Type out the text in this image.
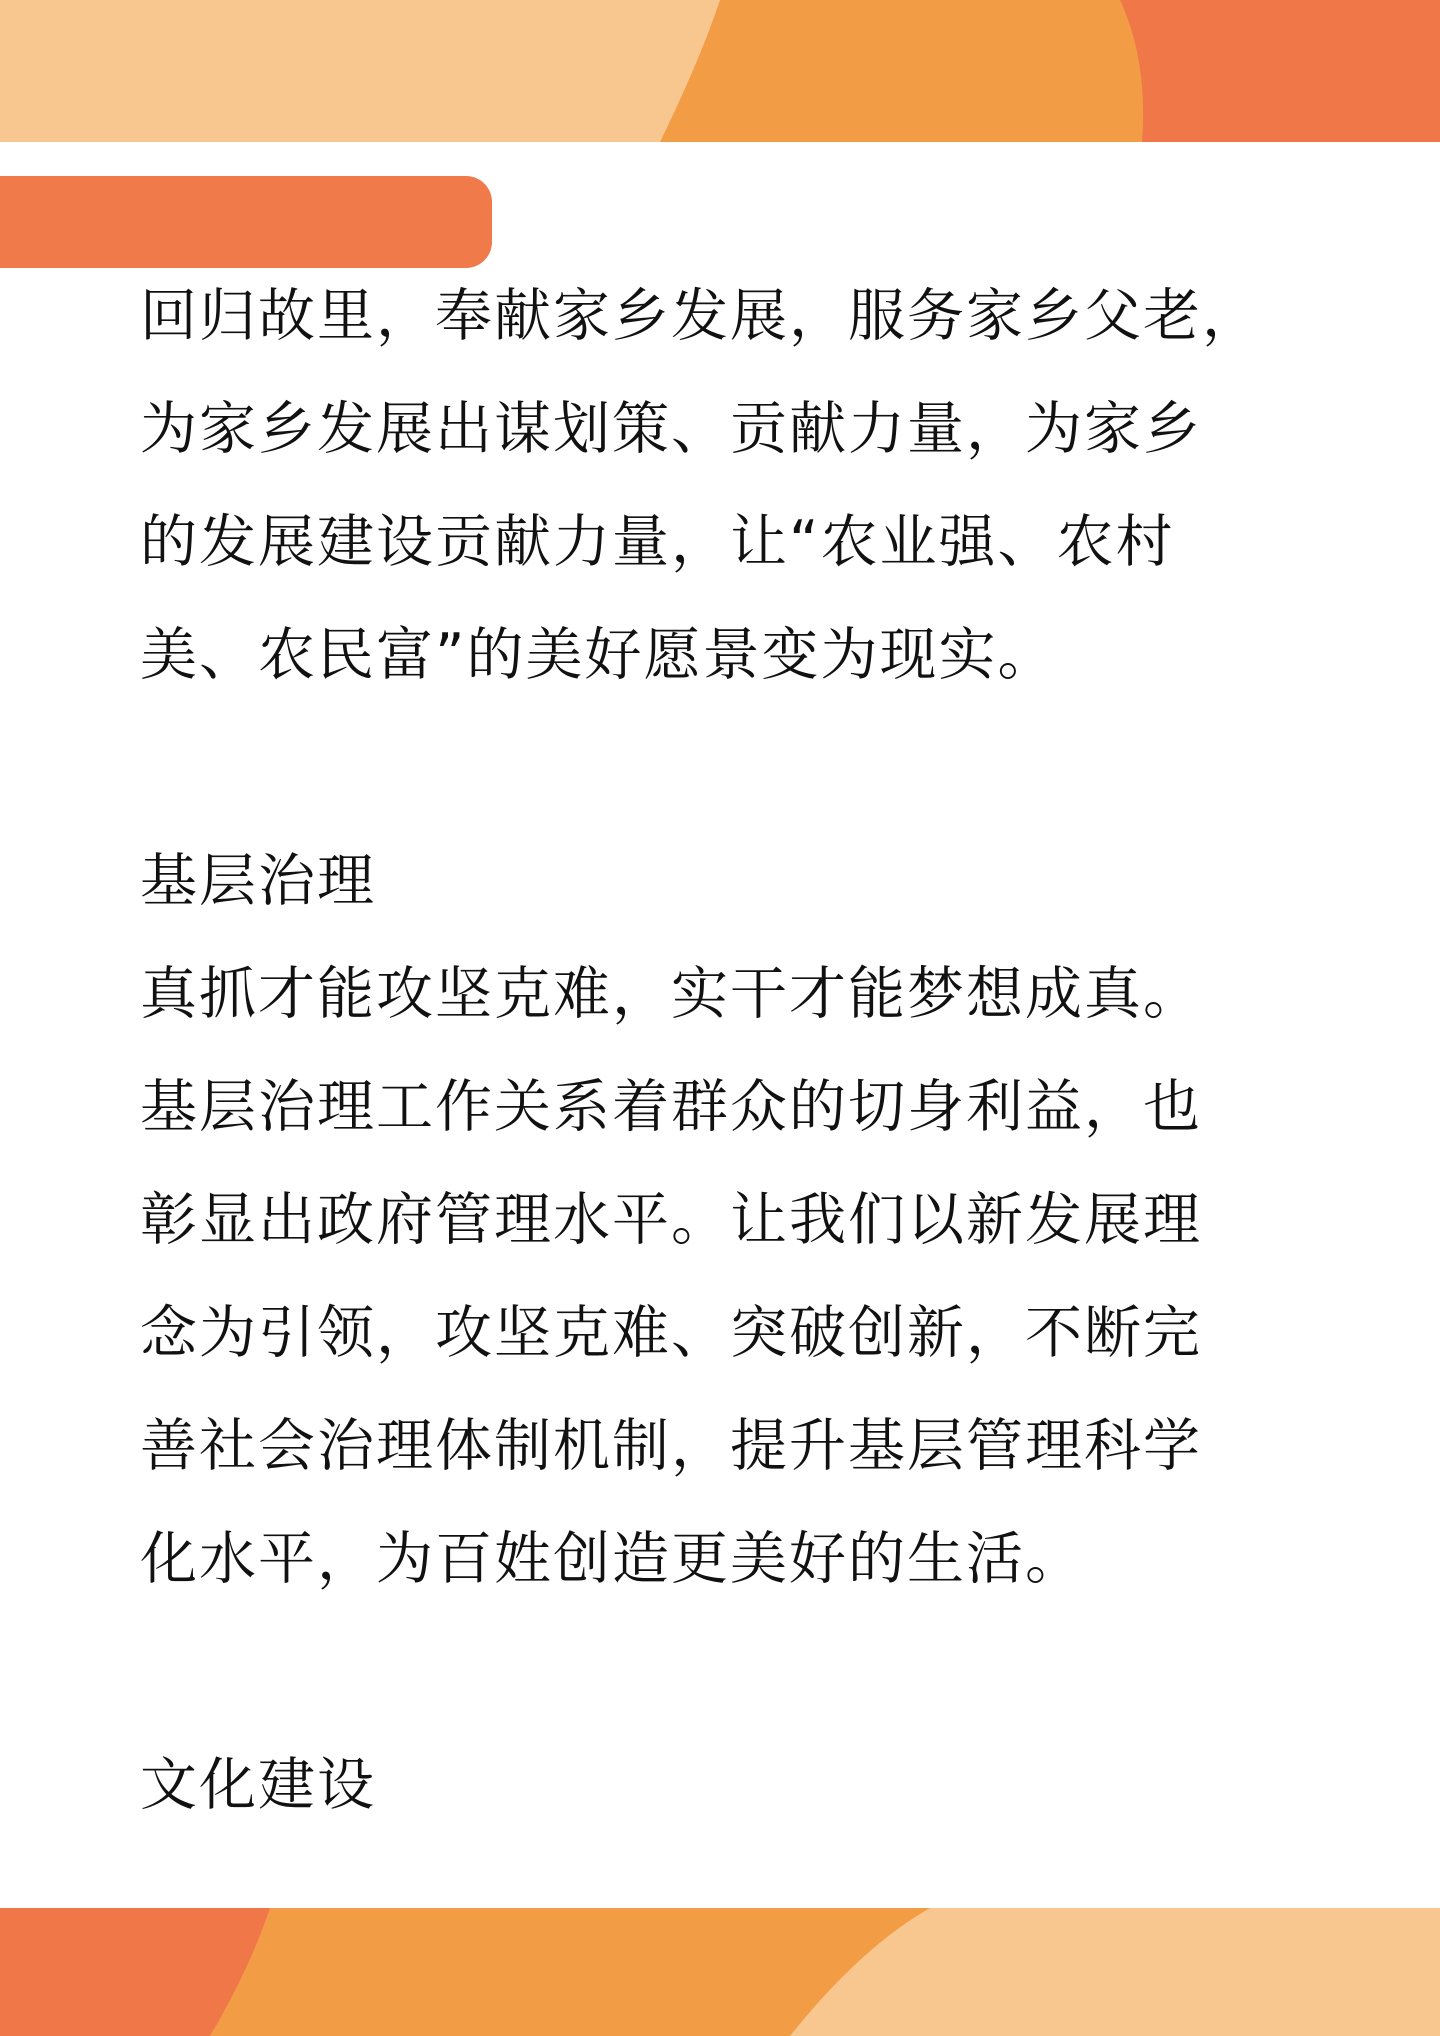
回归故里，奉献家乡发展，服务家乡父老，
为家乡发展出谋划策、贡献力量，为家乡
的发展建设贡献力量，让“农业强、农村
美、农民富”的美好愿景变为现实。
基层治理
真抓才能攻坚克难，实干才能梦想成真。
基层治理工作关系着群众的切身利益，也
彰显出政府管理水平。让我们以新发展理
念为引领，攻坚克难、突破创新，不断完
善社会治理体制机制，提升基层管理科学
化水平，为百姓创造更美好的生活。
文化建设
